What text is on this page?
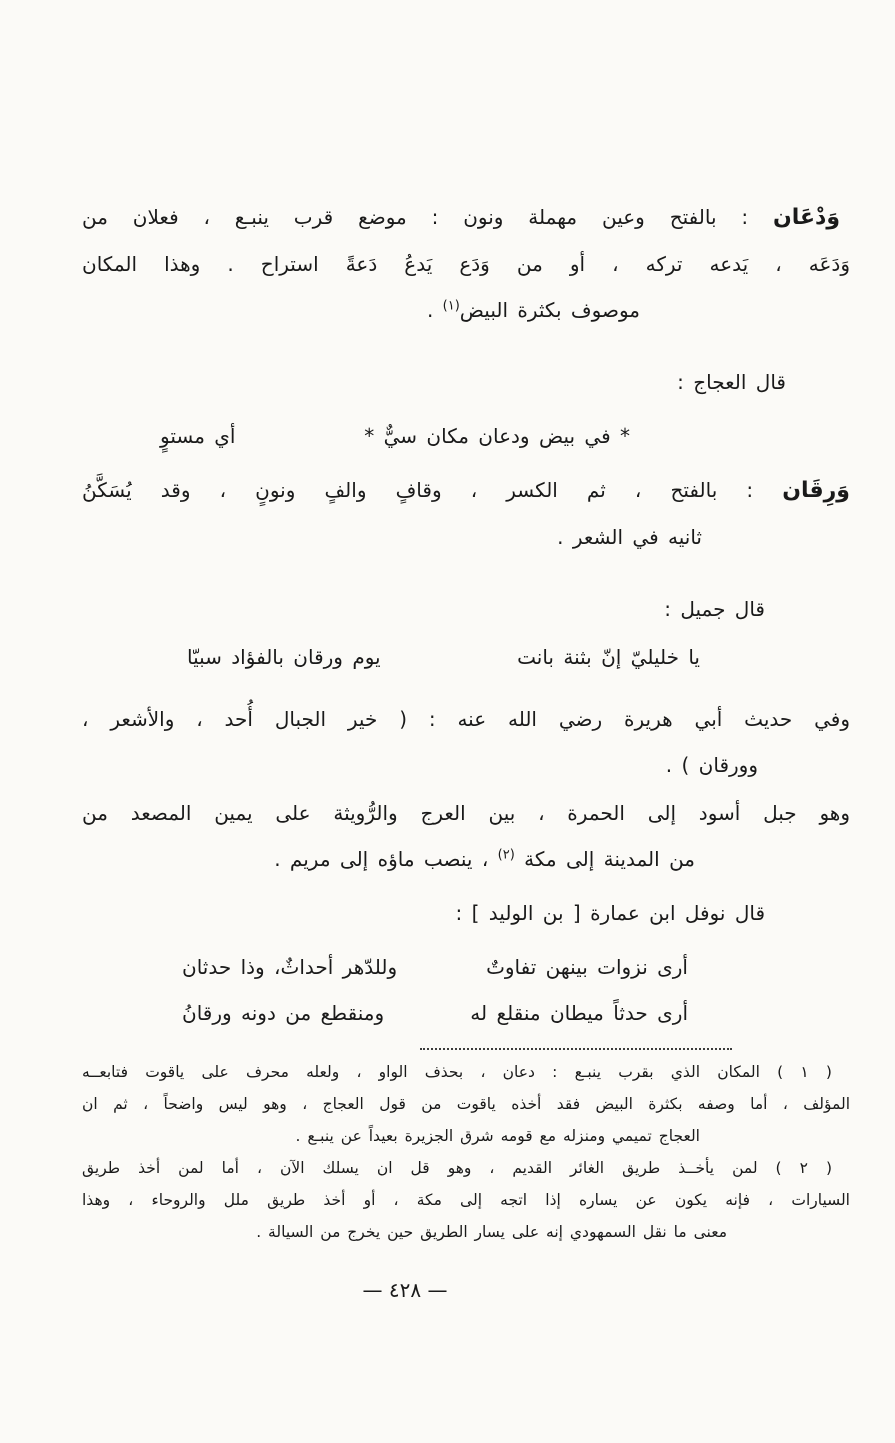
وَدْعَان : بالفتح وعين مهملة ونون : موضع قرب ينبـع ، فعلان من

وَدَعَه ، يَدعه تركه ، أو من وَدَع يَدعُ دَعةً استراح . وهذا المكان

موصوف بكثرة البيض$^{(١)}$ .

قال العجاج :

* في بيض ودعان مكان سيٌّ *
أي مستوٍ

وَرِقَان : بالفتح ، ثم الكسر ، وقافٍ والفٍ ونونٍ ، وقد يُسَكَّنُ

ثانيه في الشعر .

قال جميل :

يا خليليّ إنّ بثنة بانت
يوم ورقان بالفؤاد سبيّا

وفي حديث أبي هريرة رضي الله عنه : ( خير الجبال أُحد ، والأشعر ،

وورقان ) .

وهو جبل أسود إلى الحمرة ، بين العرج والرُّويثة على يمين المصعد من

من المدينة إلى مكة $^{(٢)}$ ، ينصب ماؤه إلى مريم .

قال نوفل ابن عمارة [ بن الوليد ] :

أرى نزوات بينهن تفاوتٌ
وللدّهر أحداثٌ، وذا حدثان
أرى حدثاً ميطان منقلع له
ومنقطع من دونه ورقانُ

( ١ ) المكان الذي بقرب ينبـع : دعان ، بحذف الواو ، ولعله محرف على ياقوت فتابعــه

المؤلف ، أما وصفه بكثرة البيض فقد أخذه ياقوت من قول العجاج ، وهو ليس واضحاً ، ثم ان

العجاج تميمي ومنزله مع قومه شرق الجزيرة بعيداً عن ينبـع .

( ٢ ) لمن يأخــذ طريق الغائر القديم ، وهو قل ان يسلك الآن ، أما لمن أخذ طريق

السيارات ، فإنه يكون عن يساره إذا اتجه إلى مكة ، أو أخذ طريق ملل والروحاء ، وهذا

معنى ما نقل السمهودي إنه على يسار الطريق حين يخرج من السيالة .

— ٤٢٨ —
